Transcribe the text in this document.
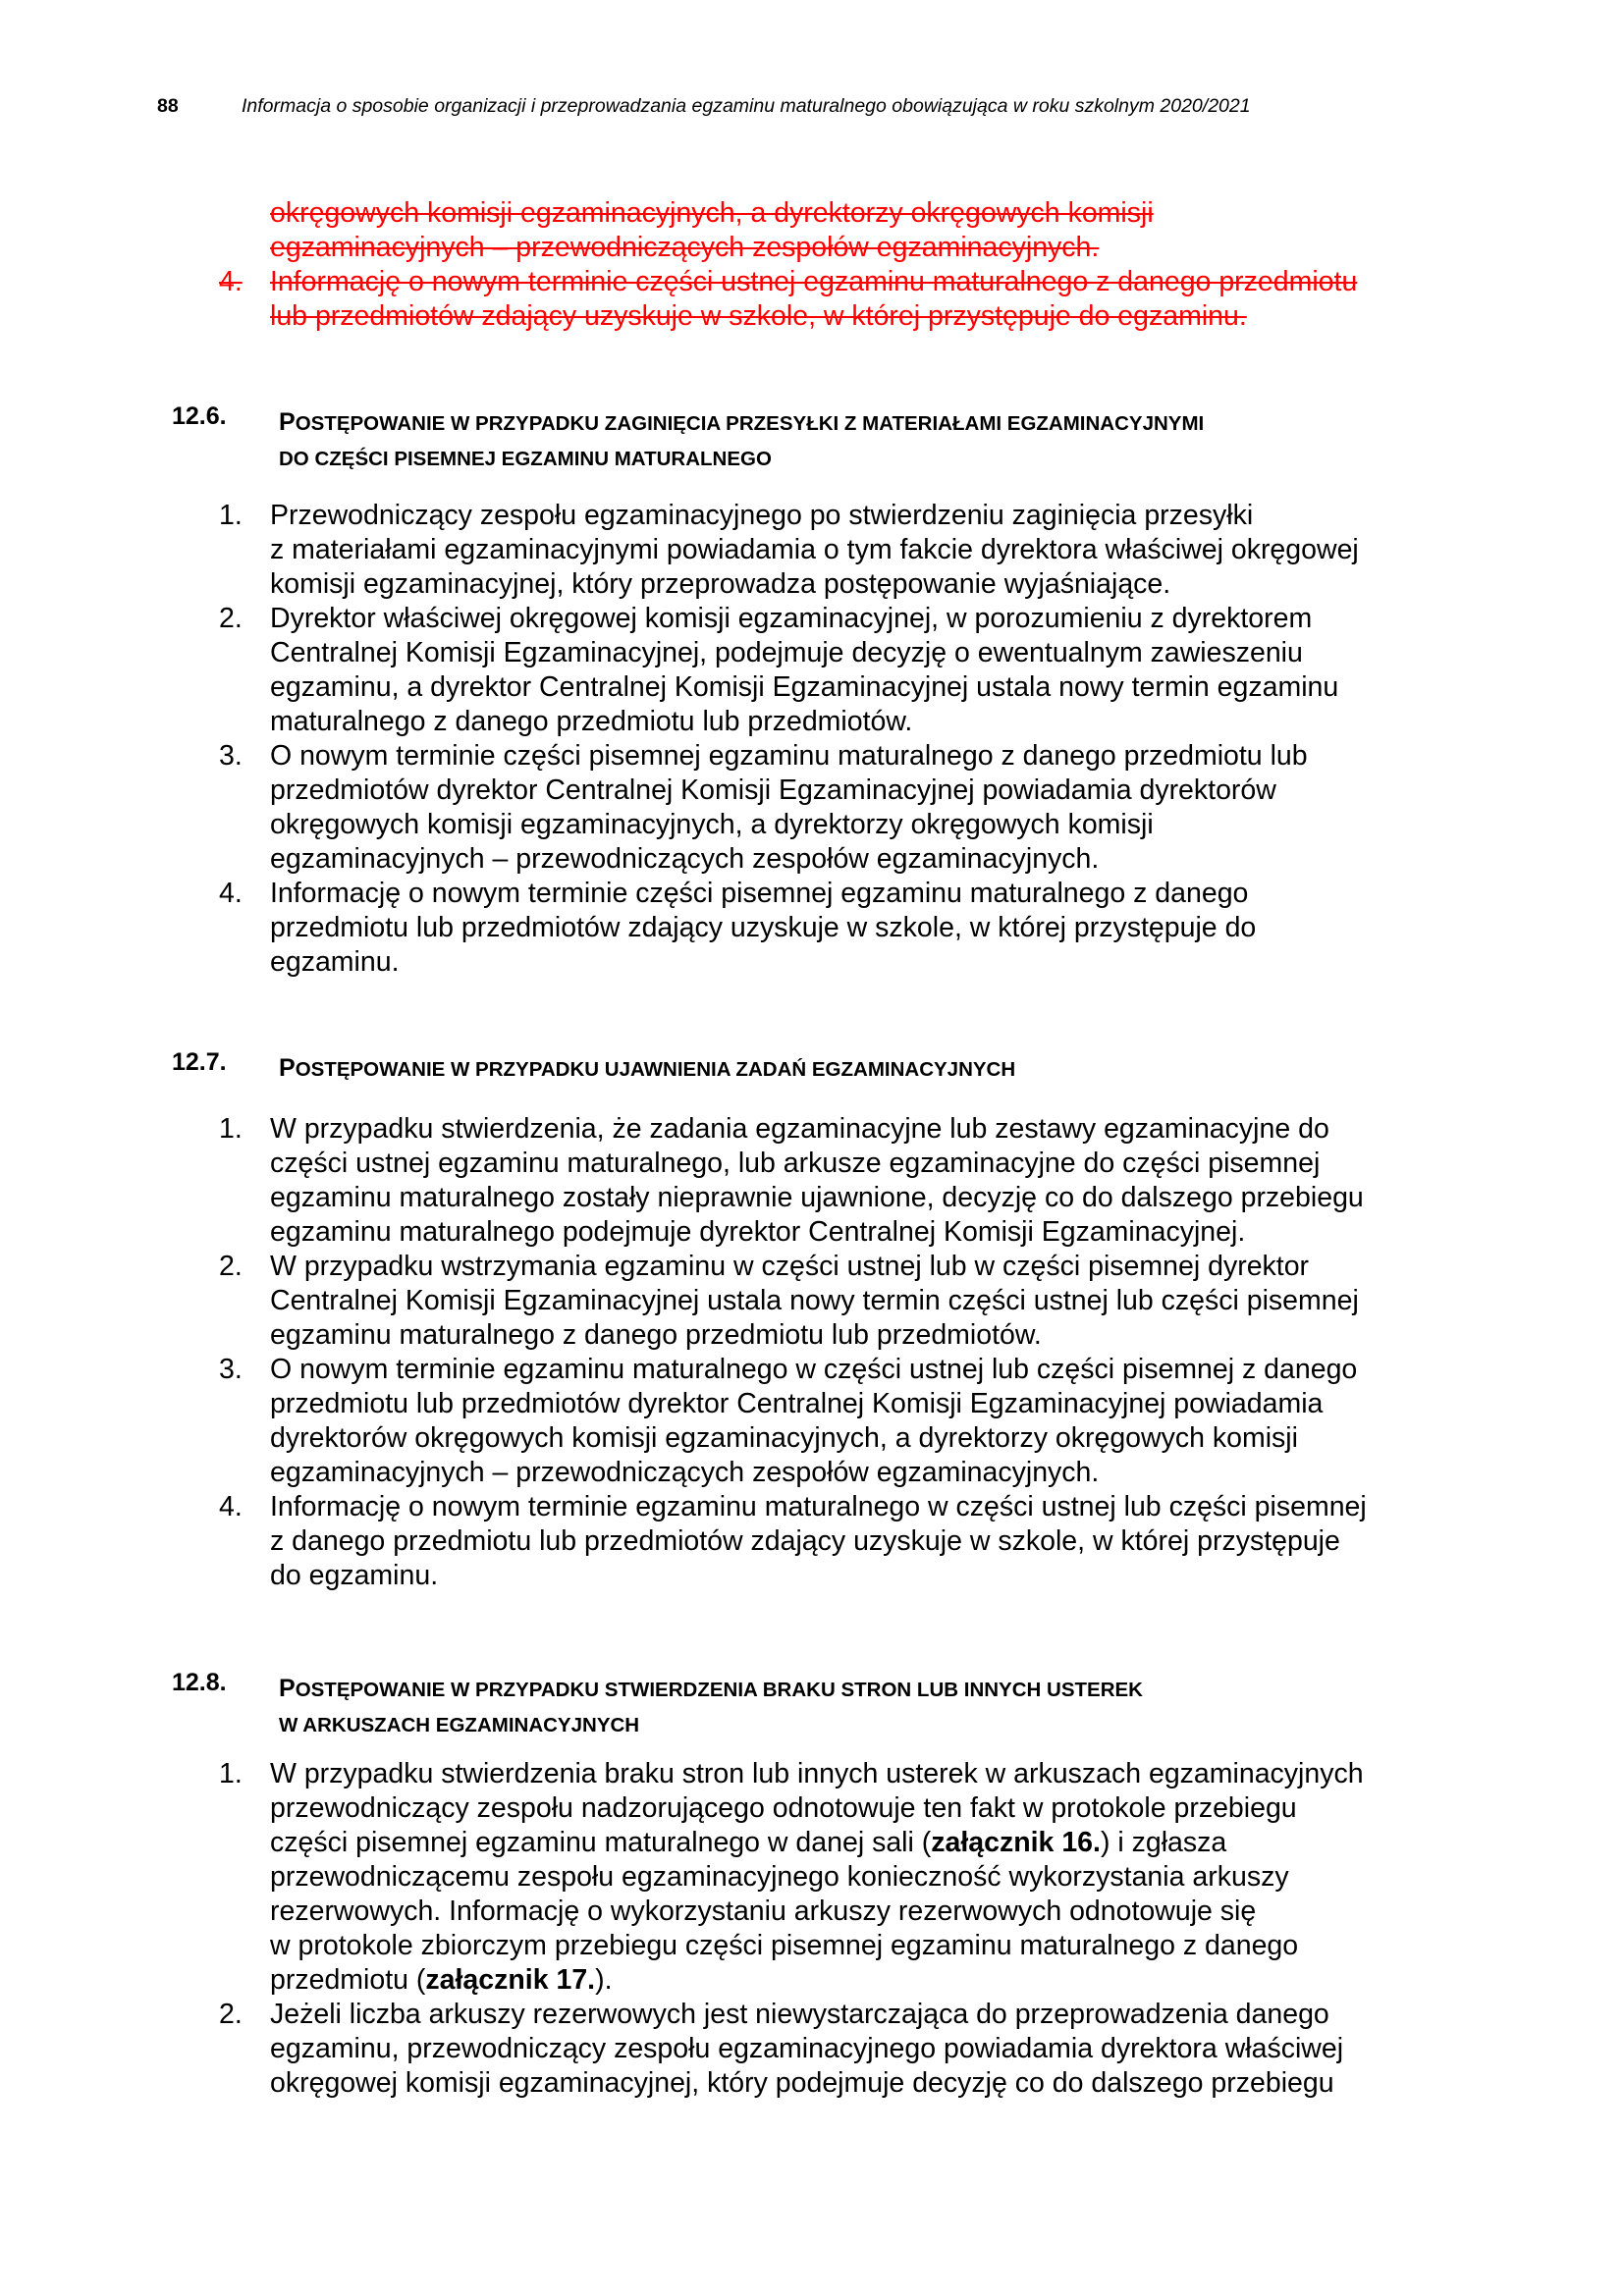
88	Informacja o sposobie organizacji i przeprowadzania egzaminu maturalnego obowiązująca w roku szkolnym 2020/2021
okręgowych komisji egzaminacyjnych, a dyrektorzy okręgowych komisji
egzaminacyjnych – przewodniczących zespołów egzaminacyjnych.
4. Informację o nowym terminie części ustnej egzaminu maturalnego z danego przedmiotu
lub przedmiotów zdający uzyskuje w szkole, w której przystępuje do egzaminu.
12.6. POSTĘPOWANIE W PRZYPADKU ZAGINIĘCIA PRZESYŁKI Z MATERIAŁAMI EGZAMINACYJNYMI
DO CZĘŚCI PISEMNEJ EGZAMINU MATURALNEGO
1. Przewodniczący zespołu egzaminacyjnego po stwierdzeniu zaginięcia przesyłki
z materiałami egzaminacyjnymi powiadamia o tym fakcie dyrektora właściwej okręgowej
komisji egzaminacyjnej, który przeprowadza postępowanie wyjaśniające.
2. Dyrektor właściwej okręgowej komisji egzaminacyjnej, w porozumieniu z dyrektorem
Centralnej Komisji Egzaminacyjnej, podejmuje decyzję o ewentualnym zawieszeniu
egzaminu, a dyrektor Centralnej Komisji Egzaminacyjnej ustala nowy termin egzaminu
maturalnego z danego przedmiotu lub przedmiotów.
3. O nowym terminie części pisemnej egzaminu maturalnego z danego przedmiotu lub
przedmiotów dyrektor Centralnej Komisji Egzaminacyjnej powiadamia dyrektorów
okręgowych komisji egzaminacyjnych, a dyrektorzy okręgowych komisji
egzaminacyjnych – przewodniczących zespołów egzaminacyjnych.
4. Informację o nowym terminie części pisemnej egzaminu maturalnego z danego
przedmiotu lub przedmiotów zdający uzyskuje w szkole, w której przystępuje do
egzaminu.
12.7. POSTĘPOWANIE W PRZYPADKU UJAWNIENIA ZADAŃ EGZAMINACYJNYCH
1. W przypadku stwierdzenia, że zadania egzaminacyjne lub zestawy egzaminacyjne do
części ustnej egzaminu maturalnego, lub arkusze egzaminacyjne do części pisemnej
egzaminu maturalnego zostały nieprawnie ujawnione, decyzję co do dalszego przebiegu
egzaminu maturalnego podejmuje dyrektor Centralnej Komisji Egzaminacyjnej.
2. W przypadku wstrzymania egzaminu w części ustnej lub w części pisemnej dyrektor
Centralnej Komisji Egzaminacyjnej ustala nowy termin części ustnej lub części pisemnej
egzaminu maturalnego z danego przedmiotu lub przedmiotów.
3. O nowym terminie egzaminu maturalnego w części ustnej lub części pisemnej z danego
przedmiotu lub przedmiotów dyrektor Centralnej Komisji Egzaminacyjnej powiadamia
dyrektorów okręgowych komisji egzaminacyjnych, a dyrektorzy okręgowych komisji
egzaminacyjnych – przewodniczących zespołów egzaminacyjnych.
4. Informację o nowym terminie egzaminu maturalnego w części ustnej lub części pisemnej
z danego przedmiotu lub przedmiotów zdający uzyskuje w szkole, w której przystępuje
do egzaminu.
12.8. POSTĘPOWANIE W PRZYPADKU STWIERDZENIA BRAKU STRON LUB INNYCH USTEREK
W ARKUSZACH EGZAMINACYJNYCH
1. W przypadku stwierdzenia braku stron lub innych usterek w arkuszach egzaminacyjnych
przewodniczący zespołu nadzorującego odnotowuje ten fakt w protokole przebiegu
części pisemnej egzaminu maturalnego w danej sali (załącznik 16.) i zgłasza
przewodniczącemu zespołu egzaminacyjnego konieczność wykorzystania arkuszy
rezerwowych. Informację o wykorzystaniu arkuszy rezerwowych odnotowuje się
w protokole zbiorczym przebiegu części pisemnej egzaminu maturalnego z danego
przedmiotu (załącznik 17.).
2. Jeżeli liczba arkuszy rezerwowych jest niewystarczająca do przeprowadzenia danego
egzaminu, przewodniczący zespołu egzaminacyjnego powiadamia dyrektora właściwej
okręgowej komisji egzaminacyjnej, który podejmuje decyzję co do dalszego przebiegu
